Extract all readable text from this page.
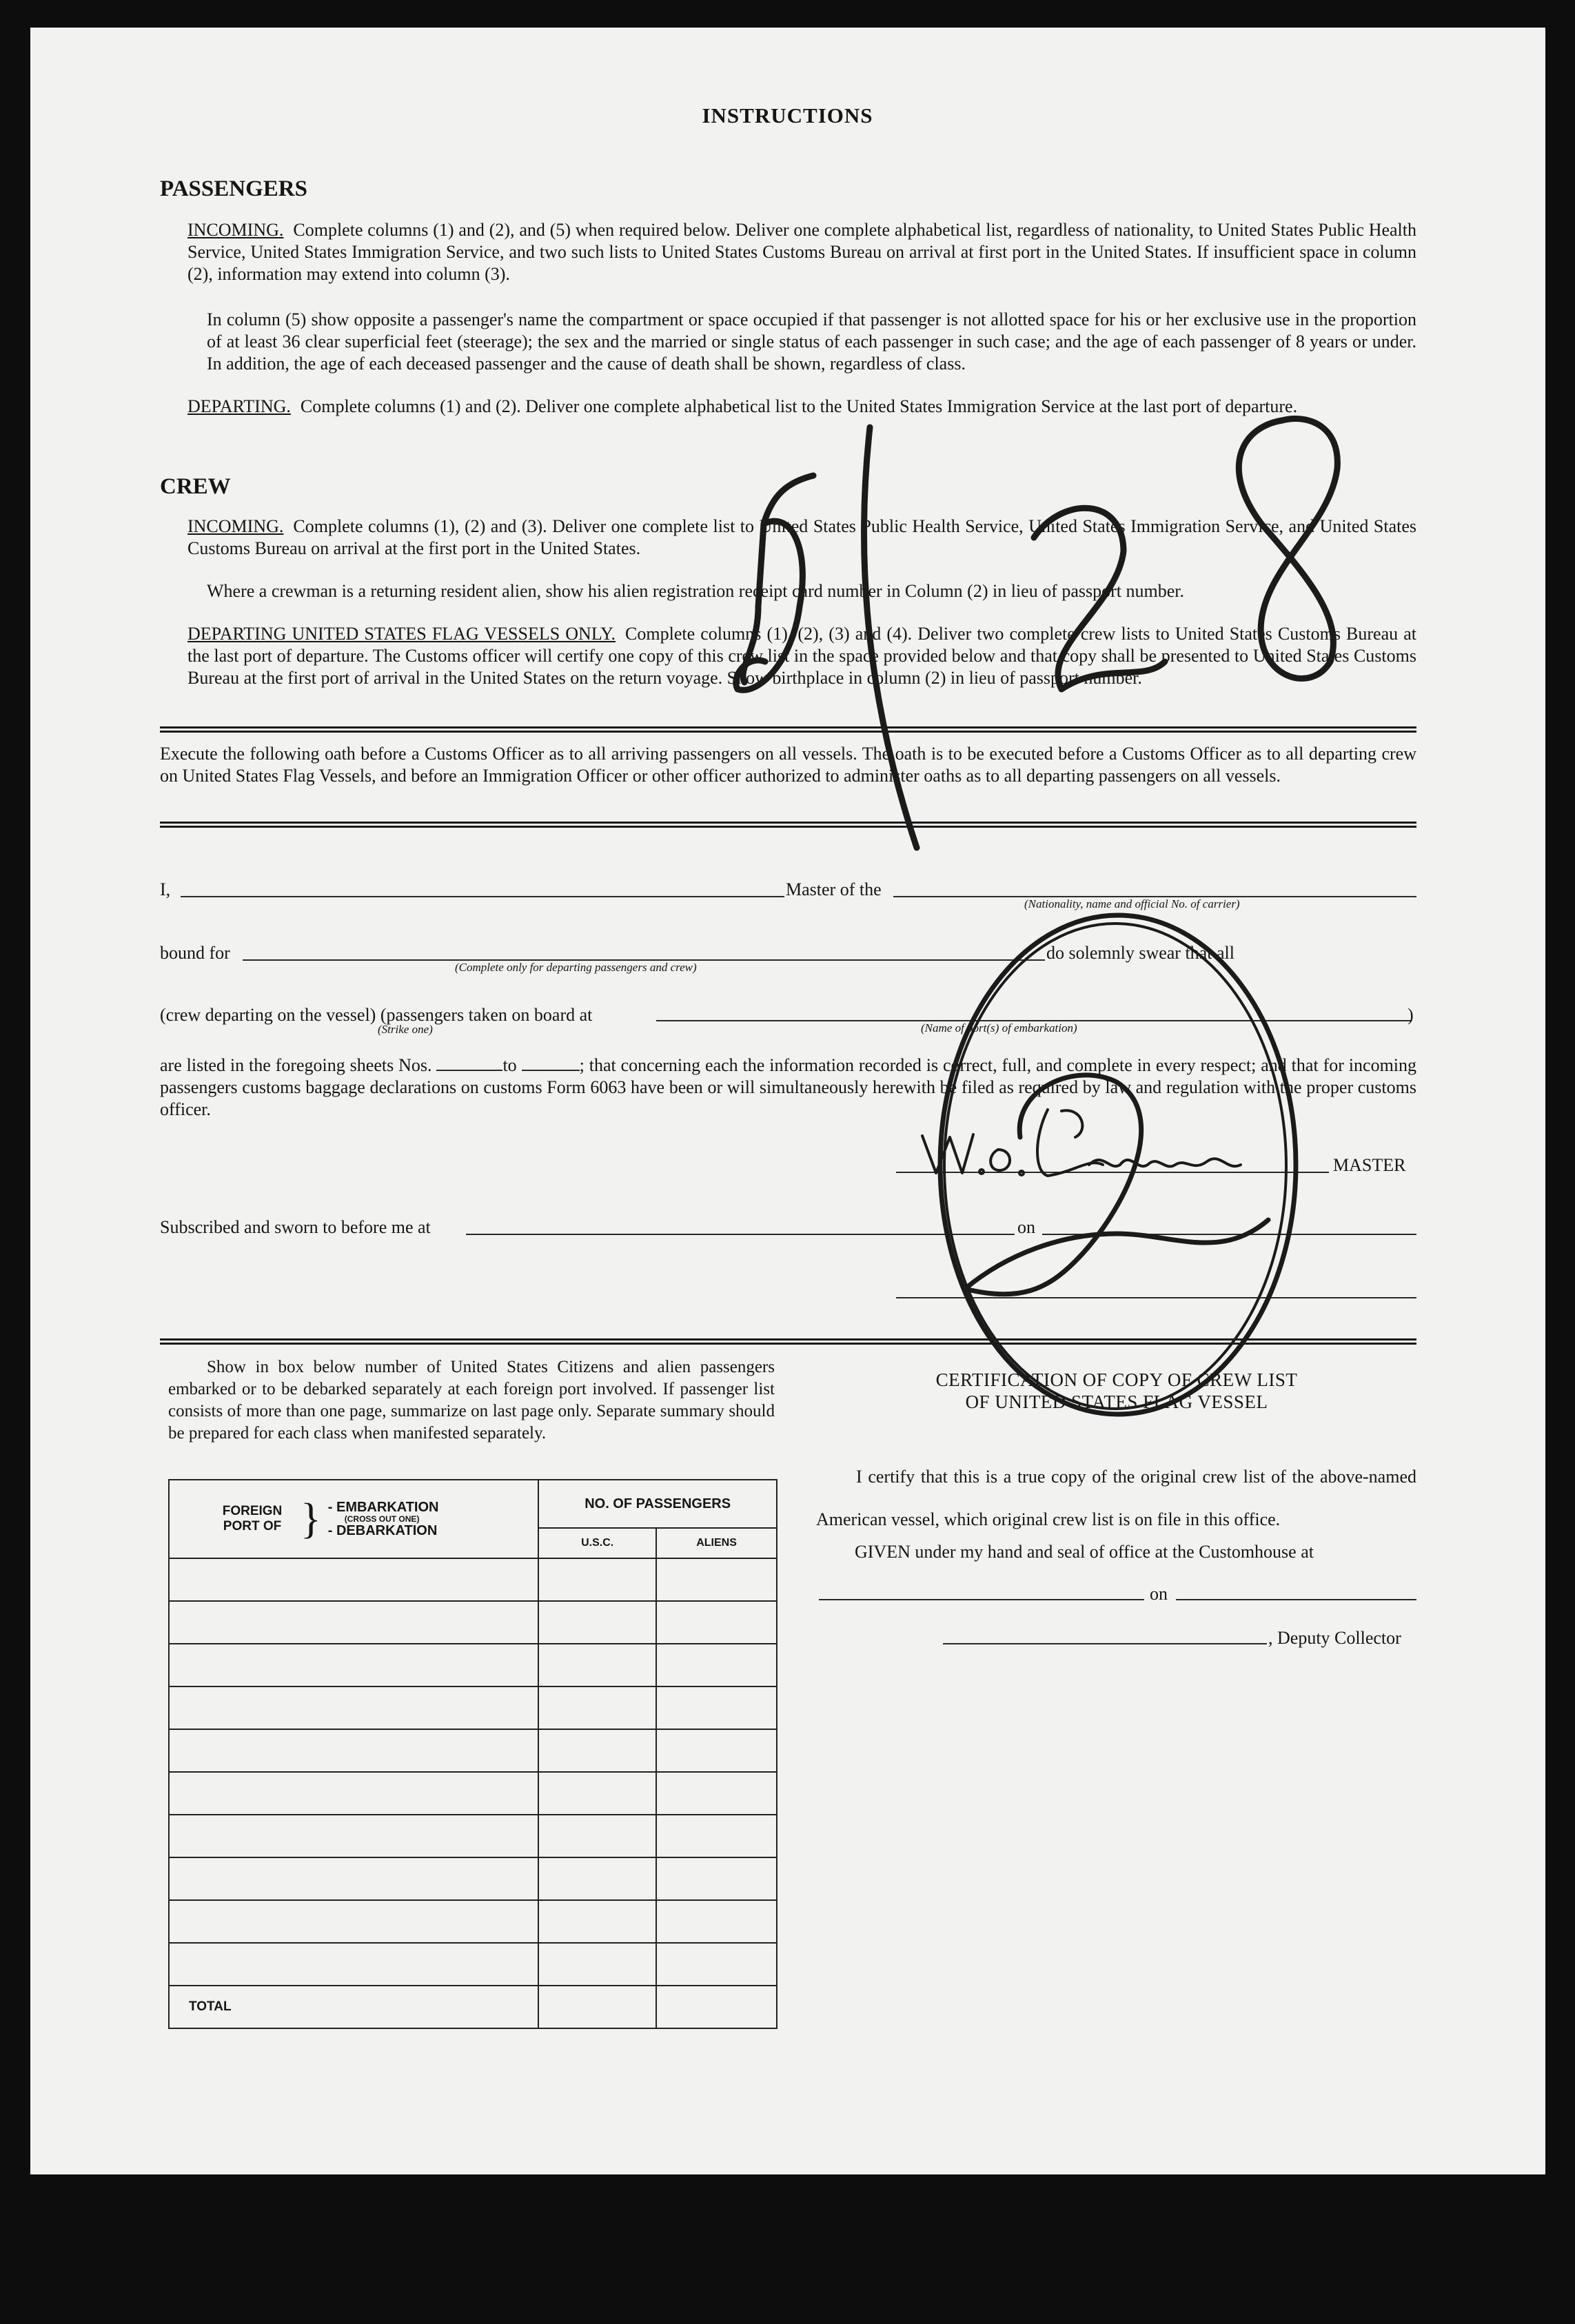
INSTRUCTIONS
PASSENGERS
INCOMING. Complete columns (1) and (2), and (5) when required below. Deliver one complete alphabetical list, regardless of nationality, to United States Public Health Service, United States Immigration Service, and two such lists to United States Customs Bureau on arrival at first port in the United States. If insufficient space in column (2), information may extend into column (3).
In column (5) show opposite a passenger's name the compartment or space occupied if that passenger is not allotted space for his or her exclusive use in the proportion of at least 36 clear superficial feet (steerage); the sex and the married or single status of each passenger in such case; and the age of each passenger of 8 years or under. In addition, the age of each deceased passenger and the cause of death shall be shown, regardless of class.
DEPARTING. Complete columns (1) and (2). Deliver one complete alphabetical list to the United States Immigration Service at the last port of departure.
CREW
INCOMING. Complete columns (1), (2) and (3). Deliver one complete list to United States Public Health Service, United States Immigration Service, and United States Customs Bureau on arrival at the first port in the United States.
Where a crewman is a returning resident alien, show his alien registration receipt card number in Column (2) in lieu of passport number.
DEPARTING UNITED STATES FLAG VESSELS ONLY. Complete columns (1), (2), (3) and (4). Deliver two complete crew lists to United States Customs Bureau at the last port of departure. The Customs officer will certify one copy of this crew list in the space provided below and that copy shall be presented to United States Customs Bureau at the first port of arrival in the United States on the return voyage. Show birthplace in column (2) in lieu of passport number.
Execute the following oath before a Customs Officer as to all arriving passengers on all vessels. The oath is to be executed before a Customs Officer as to all departing crew on United States Flag Vessels, and before an Immigration Officer or other officer authorized to administer oaths as to all departing passengers on all vessels.
I,	Master of the
(Nationality, name and official No. of carrier)
bound for
(Complete only for departing passengers and crew)
do solemnly swear that all
(crew departing on the vessel) (passengers taken on board at
(Strike one)	(Name of port(s) of embarkation)
)
are listed in the foregoing sheets Nos.	to	; that concerning each the information recorded is correct, full, and complete in every respect; and that for incoming passengers customs baggage declarations on customs Form 6063 have been or will simultaneously herewith be filed as required by law and regulation with the proper customs officer.
MASTER
Subscribed and sworn to before me at	on
Show in box below number of United States Citizens and alien passengers embarked or to be debarked separately at each foreign port involved. If passenger list consists of more than one page, summarize on last page only. Separate summary should be prepared for each class when manifested separately.
FOREIGN PORT OF } - EMBARKATION
(CROSS OUT ONE)
- DEBARKATION	NO. OF PASSENGERS	
	U.S.C.	ALIENS

TOTAL		
CERTIFICATION OF COPY OF CREW LIST
OF UNITED STATES FLAG VESSEL
I certify that this is a true copy of the original crew list of the above-named American vessel, which original crew list is on file in this office.
GIVEN under my hand and seal of office at the Customhouse at
on
, Deputy Collector
